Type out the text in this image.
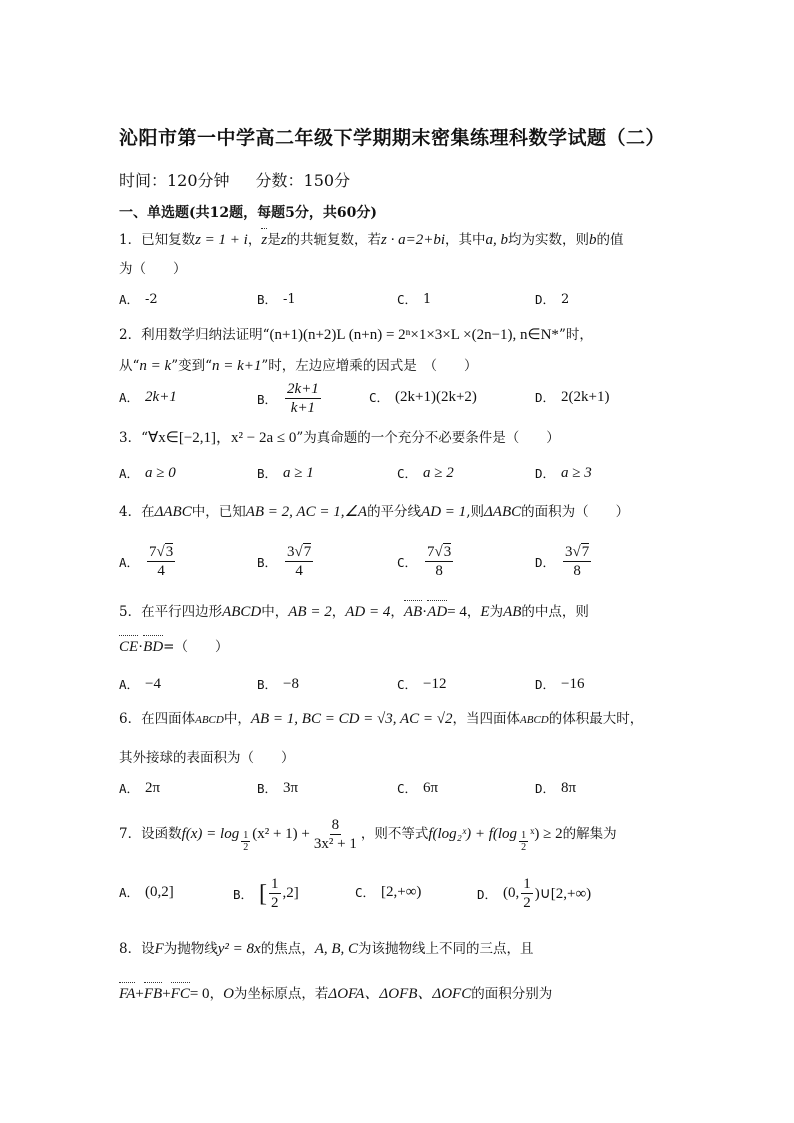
沁阳市第一中学高二年级下学期期末密集练理科数学试题（二）
时间：120分钟 分数：150分
一、单选题(共12题，每题5分，共60分)
1．已知复数z = 1 + i，z是z的共轭复数，若z · a=2+bi，其中a, b均为实数，则b的值
为（　　）
A． -2	B． -1	C． 1	D． 2
2．利用数学归纳法证明“(n+1)(n+2)L (n+n) = 2ⁿ×1×3×L ×(2n−1), n∈N*”时，
从“n = k”变到“n = k+1”时，左边应增乘的因式是　（　　）
A． 2k+1	B． $\frac{2k+1}{k+1}$	C． (2k+1)(2k+2)	D． 2(2k+1)
3．“∀x∈[−2,1]，x² − 2a ≤ 0”为真命题的一个充分不必要条件是（　　）
A． a ≥ 0	B． a ≥ 1	C． a ≥ 2	D． a ≥ 3
4．在ΔABC中，已知AB = 2, AC = 1,∠A的平分线AD = 1,则ΔABC的面积为（　　）
A． $\frac{7√3}{4}$	B． $\frac{3√7}{4}$	C． $\frac{7√3}{8}$	D． $\frac{3√7}{8}$
5．在平行四边形ABCD中，AB = 2，AD = 4，AB·AD= 4，E为AB的中点，则
CE·BD=（　　）
A． −4	B． −8	C． −12	D． −16
6．在四面体ABCD中，AB = 1, BC = CD = √3, AC = √2，当四面体ABCD的体积最大时，
其外接球的表面积为（　　）
A． 2π	B． 3π	C． 6π	D． 8π
7．设函数 $f(x) = \log \frac{1}{2} (x^2 + 1) + \frac{8}{\text{3x² + 1}}$ ，则不等式 f(log₂ˣ) + $f(\log \frac{1}{2}$ ˣ) ≥ 2 的解集为
A． (0,2]	B． [ $\frac{1}{2} ,2$]	C． [2,+∞)	D． (0, $\frac{1}{2}$ )∪[2,+∞)
8．设F为抛物线y² = 8x的焦点，A, B, C为该抛物线上不同的三点，且
FA+FB+FC= 0，O为坐标原点，若ΔOFA、ΔOFB、ΔOFC的面积分别为
